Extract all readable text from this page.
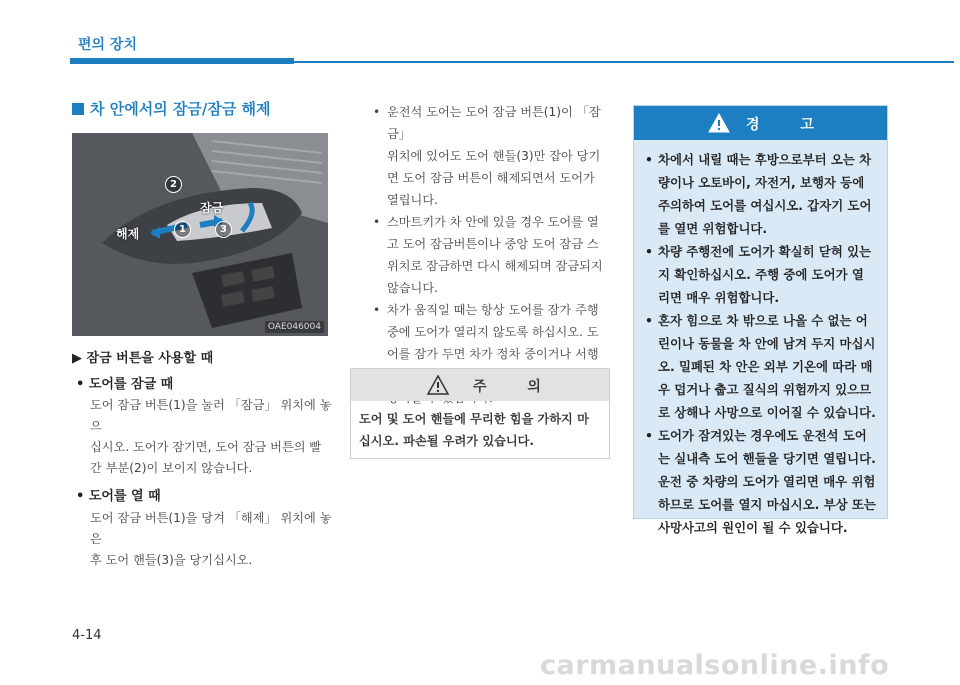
편의 장치
차 안에서의 잠금/잠금 해제
해제
잠금
1
2
3
OAE046004
▶ 잠금 버튼을 사용할 때
• 도어를 잠글 때
도어 잠금 버튼(1)을 눌러 「잠금」 위치에 놓으
십시오. 도어가 잠기면, 도어 잠금 버튼의 빨
간 부분(2)이 보이지 않습니다.
• 도어를 열 때
도어 잠금 버튼(1)을 당겨 「해제」 위치에 놓은
후 도어 핸들(3)을 당기십시오.
• 운전석 도어는 도어 잠금 버튼(1)이 「잠금」
위치에 있어도 도어 핸들(3)만 잡아 당기
면 도어 잠금 버튼이 해제되면서 도어가
열립니다.
• 스마트키가 차 안에 있을 경우 도어를 열
고 도어 잠금버튼이나 중앙 도어 잠금 스
위치로 잠금하면 다시 해제되며 잠금되지
않습니다.
• 차가 움직일 때는 항상 도어를 잠가 주행
중에 도어가 열리지 않도록 하십시오. 도
어를 잠가 두면 차가 정차 중이거나 서행
주 의
도어 및 도어 핸들에 무리한 힘을 가하지 마
십시오. 파손될 우려가 있습니다.
경 고
• 차에서 내릴 때는 후방으로부터 오는 차
량이나 오토바이, 자전거, 보행자 등에
주의하여 도어를 여십시오. 갑자기 도어
를 열면 위험합니다.
• 차량 주행전에 도어가 확실히 닫혀 있는
지 확인하십시오. 주행 중에 도어가 열
리면 매우 위험합니다.
• 혼자 힘으로 차 밖으로 나올 수 없는 어
린이나 동물을 차 안에 남겨 두지 마십시
오. 밀폐된 차 안은 외부 기온에 따라 매
우 덥거나 춥고 질식의 위험까지 있으므
로 상해나 사망으로 이어질 수 있습니다.
• 도어가 잠겨있는 경우에도 운전석 도어
는 실내측 도어 핸들을 당기면 열립니다.
운전 중 차량의 도어가 열리면 매우 위험
하므로 도어를 열지 마십시오. 부상 또는
사망사고의 원인이 될 수 있습니다.
4-14
carmanualsonline.info
